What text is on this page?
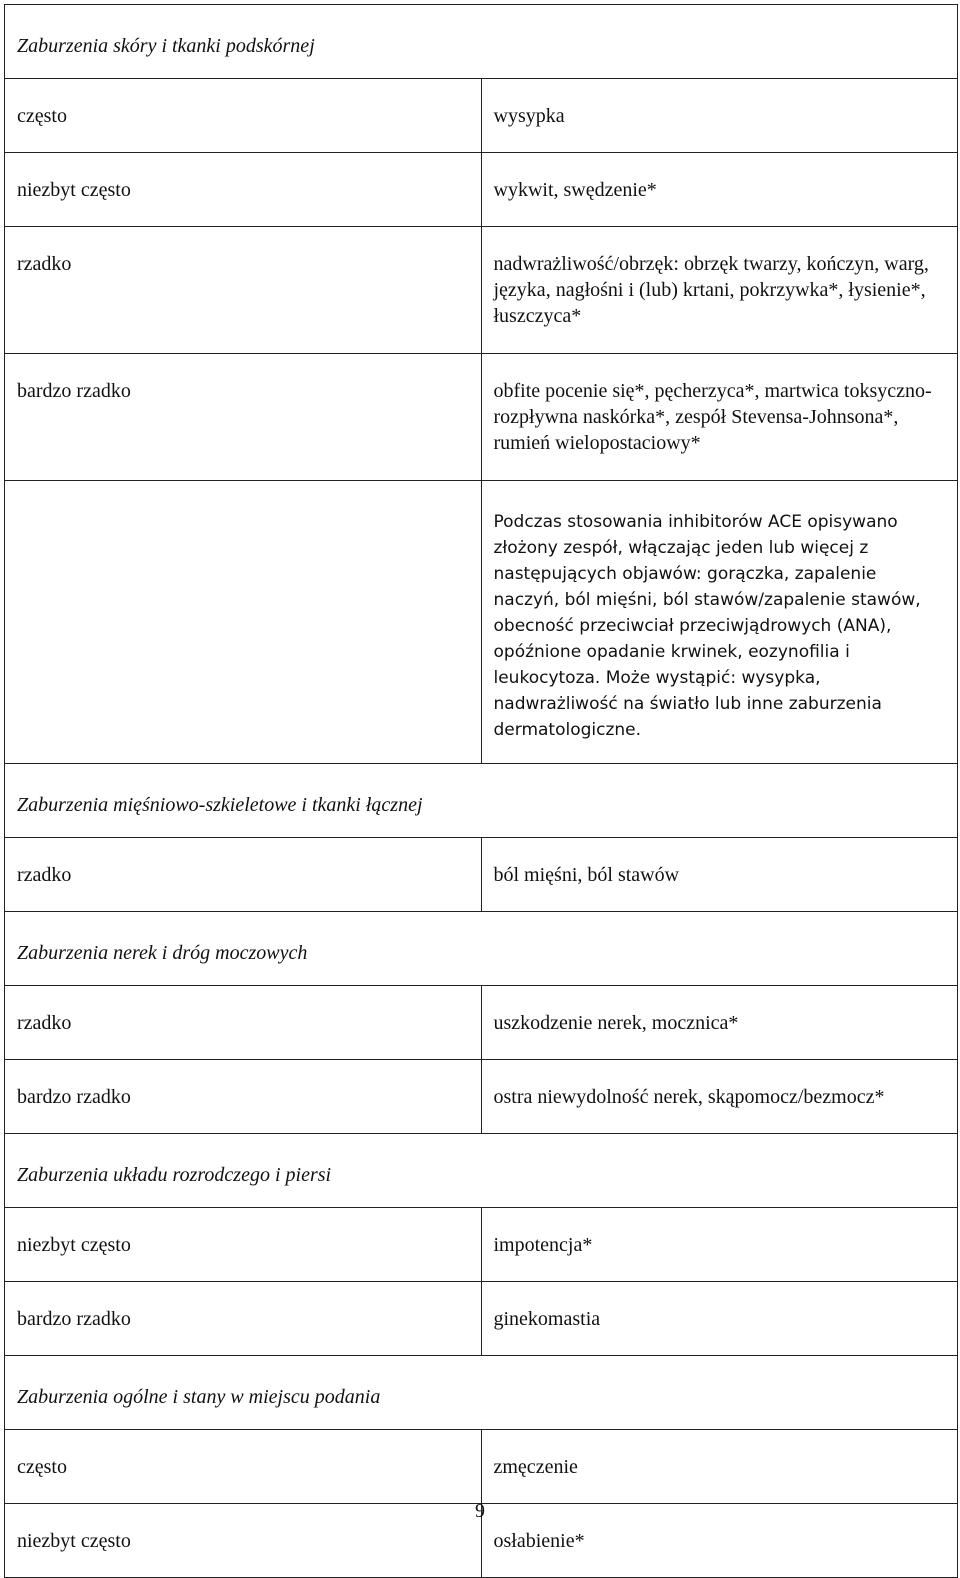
Zaburzenia skóry i tkanki podskórnej	
często	wysypka
niezbyt często	wykwit, swędzenie*
rzadko	nadwrażliwość/obrzęk: obrzęk twarzy, kończyn, warg, języka, nagłośni i (lub) krtani, pokrzywka*, łysienie*, łuszczyca*
bardzo rzadko	obfite pocenie się*, pęcherzyca*, martwica toksyczno-rozpływna naskórka*, zespół Stevensa-Johnsona*, rumień wielopostaciowy*
	Podczas stosowania inhibitorów ACE opisywano złożony zespół, włączając jeden lub więcej z następujących objawów: gorączka, zapalenie naczyń, ból mięśni, ból stawów/zapalenie stawów, obecność przeciwciał przeciwjądrowych (ANA), opóźnione opadanie krwinek, eozynofilia i leukocytoza. Może wystąpić: wysypka, nadwrażliwość na światło lub inne zaburzenia dermatologiczne.
Zaburzenia mięśniowo-szkieletowe i tkanki łącznej	
rzadko	ból mięśni, ból stawów
Zaburzenia nerek i dróg moczowych	
rzadko	uszkodzenie nerek, mocznica*
bardzo rzadko	ostra niewydolność nerek, skąpomocz/bezmocz*
Zaburzenia układu rozrodczego i piersi	
niezbyt często	impotencja*
bardzo rzadko	ginekomastia
Zaburzenia ogólne i stany w miejscu podania	
często	zmęczenie
niezbyt często	osłabienie*
9
